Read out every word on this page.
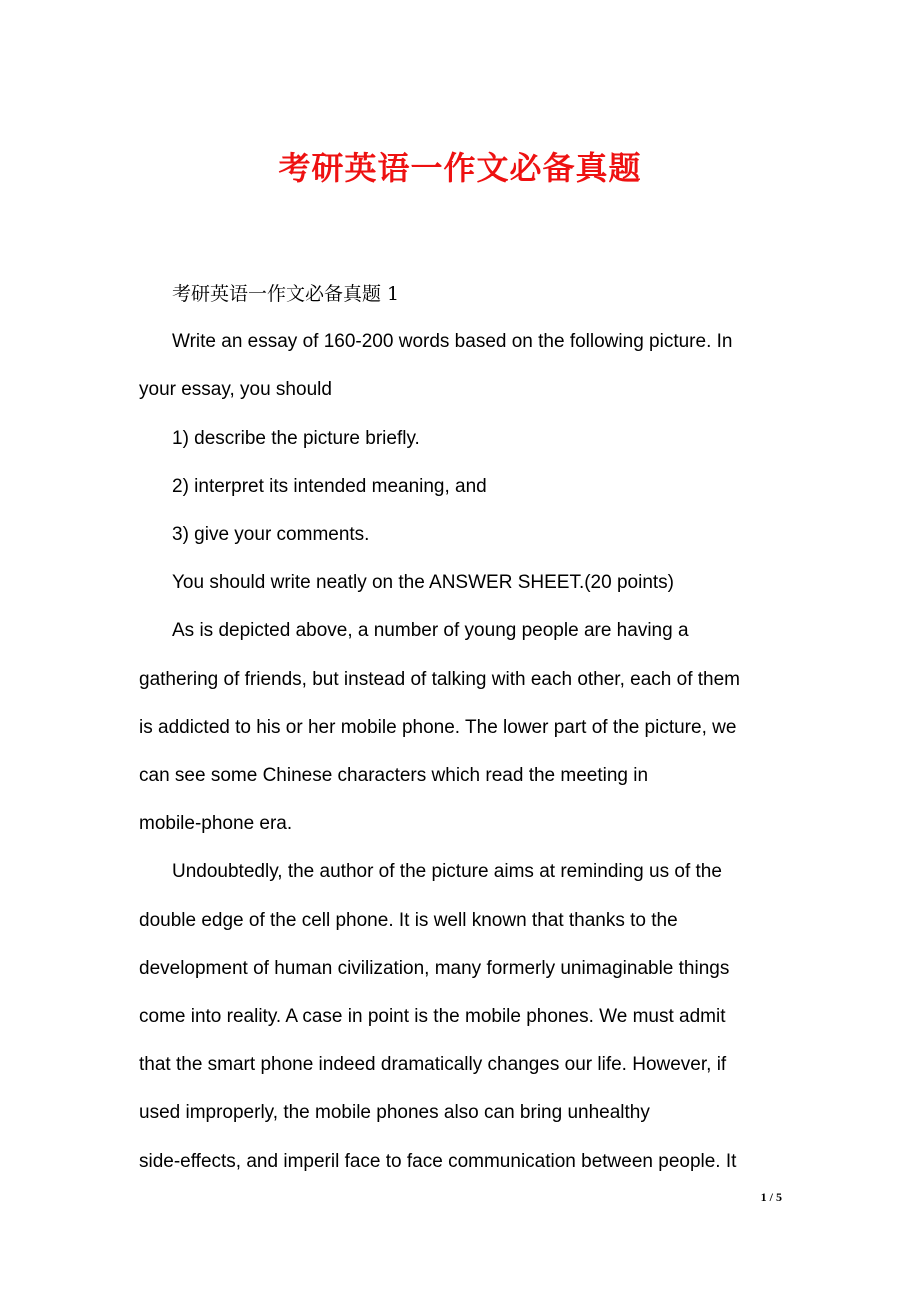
考研英语一作文必备真题

考研英语一作文必备真题 1

Write an essay of 160-200 words based on the following picture. In

your essay, you should

1) describe the picture briefly.

2) interpret its intended meaning, and

3) give your comments.

You should write neatly on the ANSWER SHEET.(20 points)

As is depicted above, a number of young people are having a

gathering of friends, but instead of talking with each other, each of them

is addicted to his or her mobile phone. The lower part of the picture, we

can see some Chinese characters which read the meeting in

mobile-phone era.

Undoubtedly, the author of the picture aims at reminding us of the

double edge of the cell phone. It is well known that thanks to the

development of human civilization, many formerly unimaginable things

come into reality. A case in point is the mobile phones. We must admit

that the smart phone indeed dramatically changes our life. However, if

used improperly, the mobile phones also can bring unhealthy

side-effects, and imperil face to face communication between people. It

1 / 5
